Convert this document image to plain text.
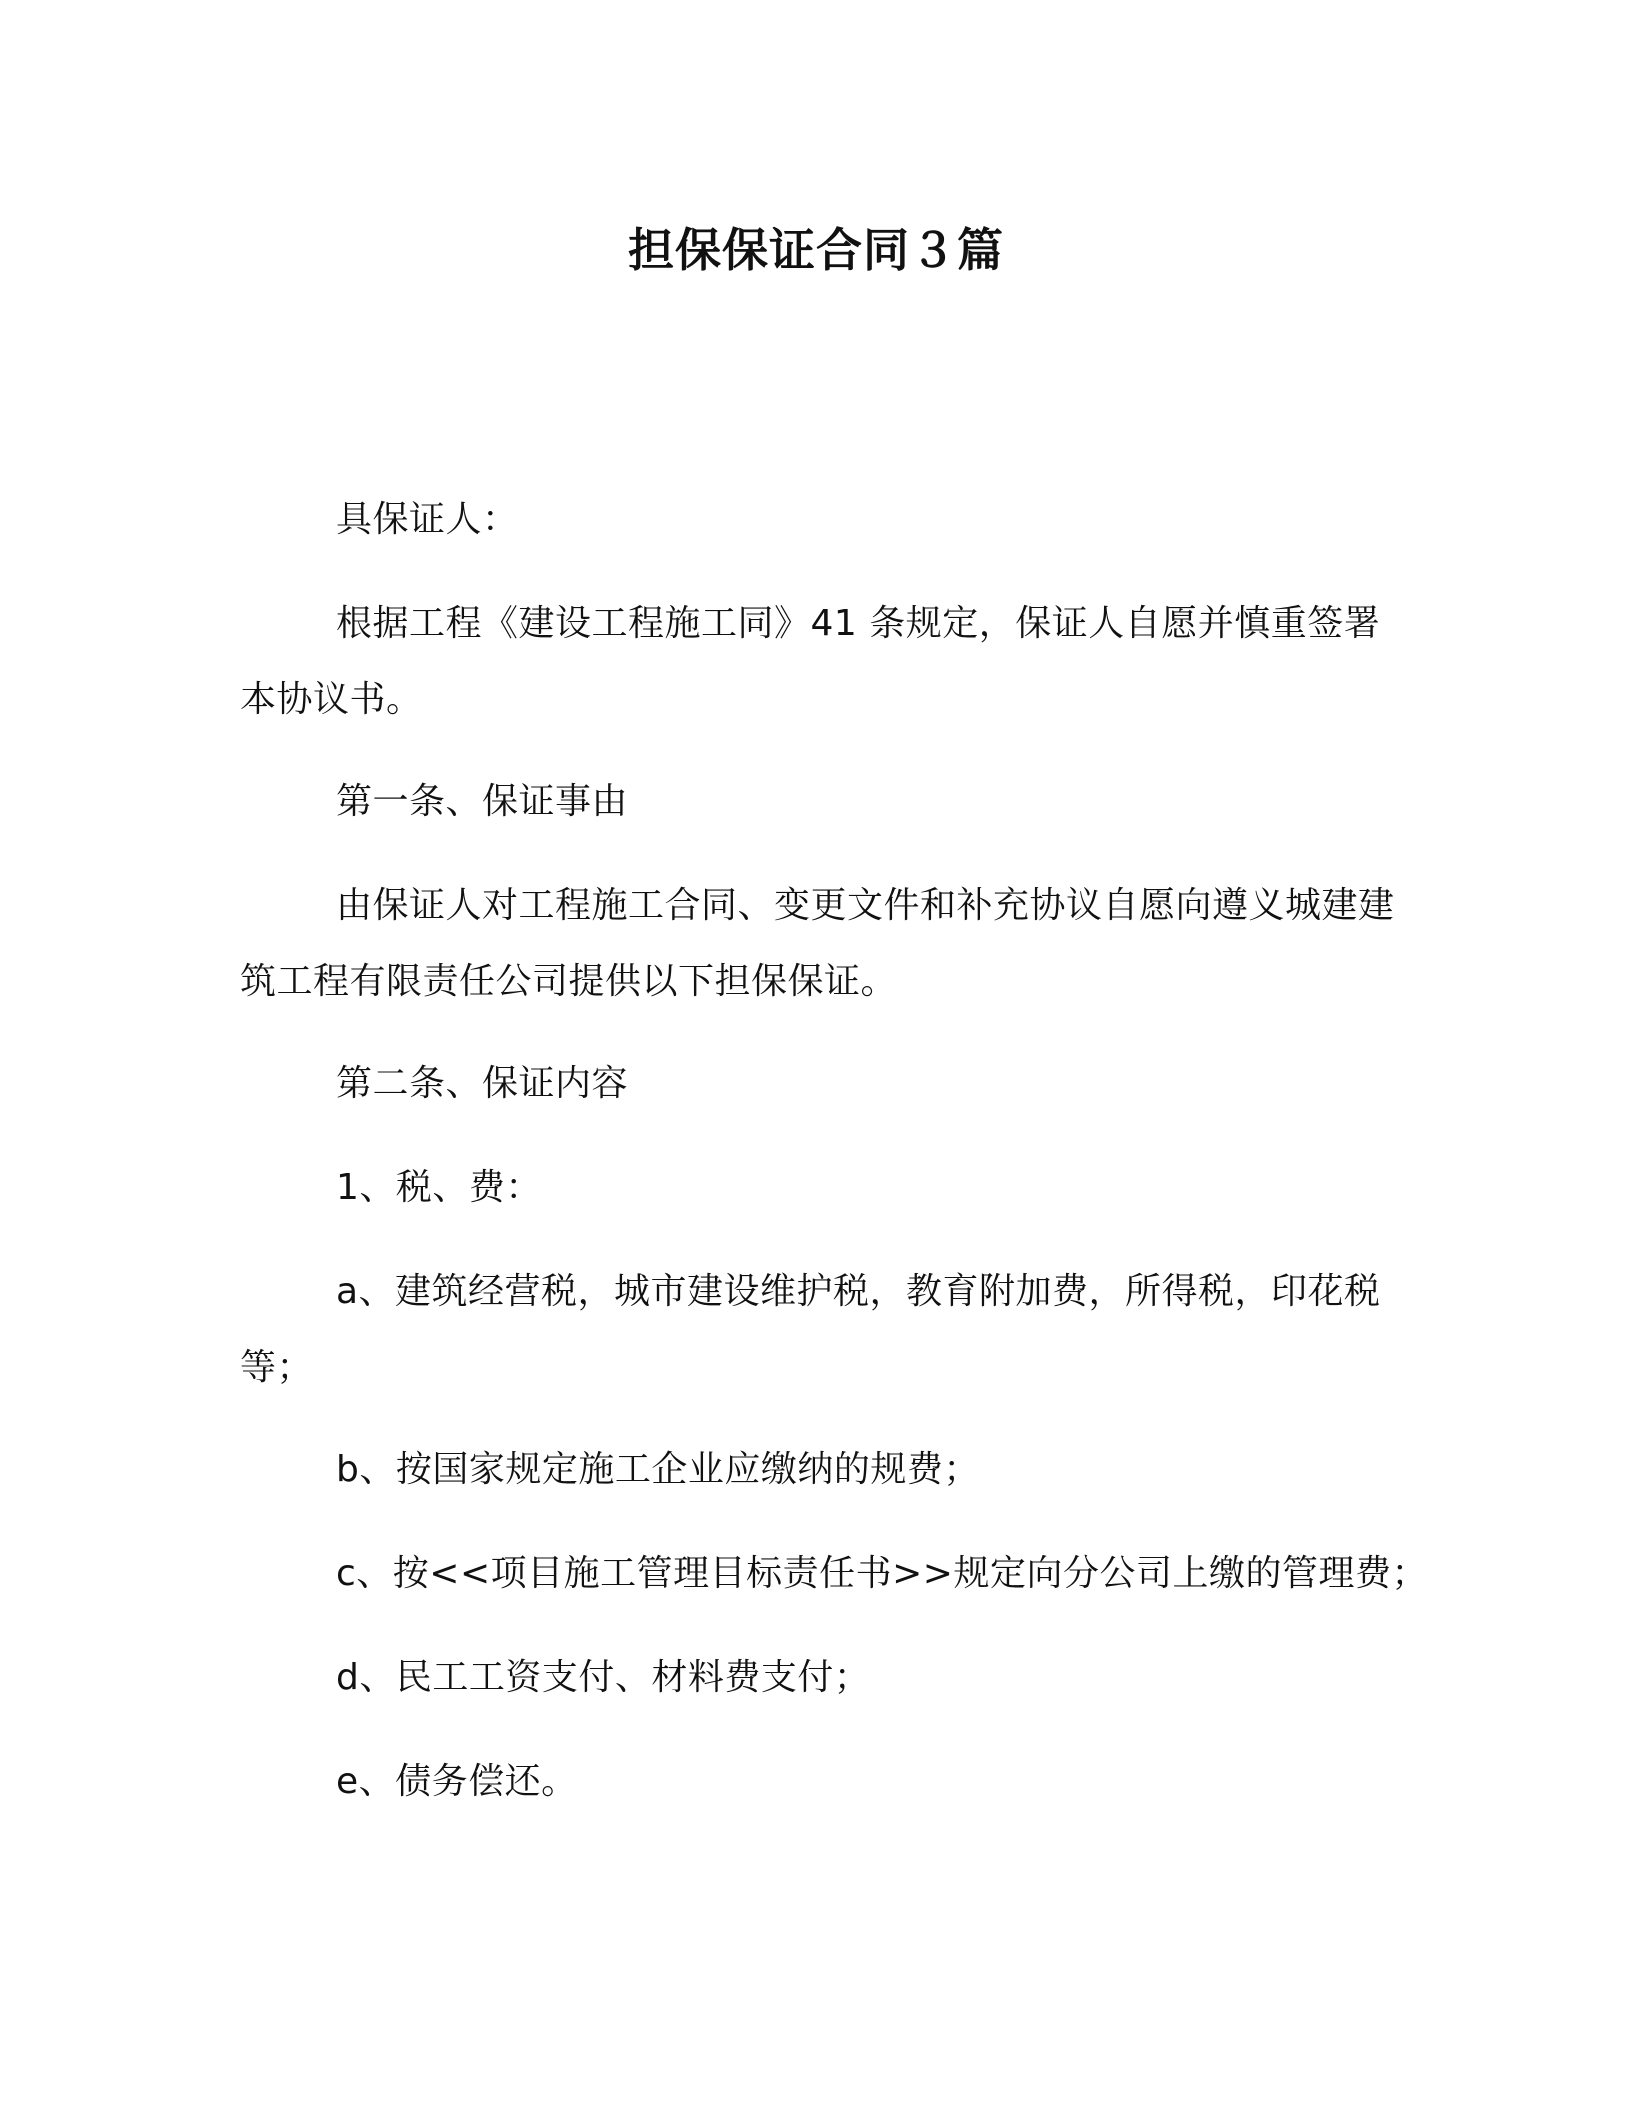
担保保证合同３篇

具保证人：

根据工程《建设工程施工同》41 条规定，保证人自愿并慎重签署本协议书。

第一条、保证事由

由保证人对工程施工合同、变更文件和补充协议自愿向遵义城建建筑工程有限责任公司提供以下担保保证。

第二条、保证内容

1、税、费：

a、建筑经营税，城市建设维护税，教育附加费，所得税，印花税等；

b、按国家规定施工企业应缴纳的规费；

c、按<<项目施工管理目标责任书>>规定向分公司上缴的管理费；

d、民工工资支付、材料费支付；

e、债务偿还。
